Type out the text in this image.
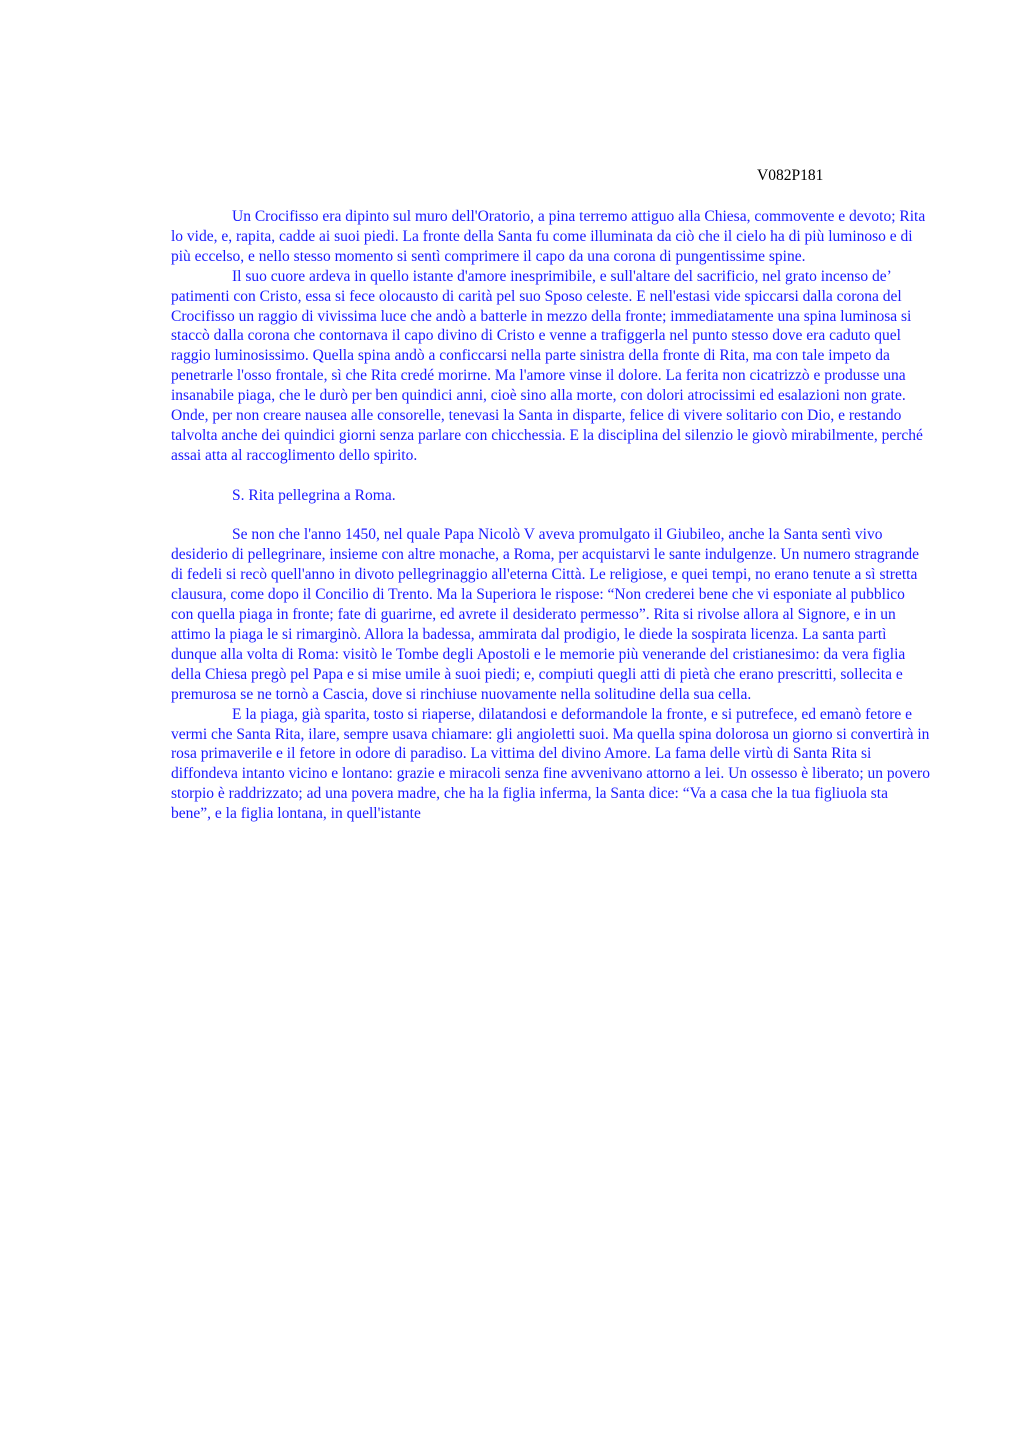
V082P181

Un Crocifisso era dipinto sul muro dell'Oratorio, a pina terremo attiguo alla Chiesa, commovente e devoto; Rita lo vide, e, rapita, cadde ai suoi piedi. La fronte della Santa fu come illuminata da ciò che il cielo ha di più luminoso e di più eccelso, e nello stesso momento si sentì comprimere il capo da una corona di pungentissime spine.

Il suo cuore ardeva in quello istante d'amore inesprimibile, e sull'altare del sacrificio, nel grato incenso de’ patimenti con Cristo, essa si fece olocausto di carità pel suo Sposo celeste. E nell'estasi vide spiccarsi dalla corona del Crocifisso un raggio di vivissima luce che andò a batterle in mezzo della fronte; immediatamente una spina luminosa si staccò dalla corona che contornava il capo divino di Cristo e venne a trafiggerla nel punto stesso dove era caduto quel raggio luminosissimo. Quella spina andò a conficcarsi nella parte sinistra della fronte di Rita, ma con tale impeto da penetrarle l'osso frontale, sì che Rita credé morirne. Ma l'amore vinse il dolore. La ferita non cicatrizzò e produsse una insanabile piaga, che le durò per ben quindici anni, cioè sino alla morte, con dolori atrocissimi ed esalazioni non grate. Onde, per non creare nausea alle consorelle, tenevasi la Santa in disparte, felice di vivere solitario con Dio, e restando talvolta anche dei quindici giorni senza parlare con chicchessia. E la disciplina del silenzio le giovò mirabilmente, perché assai atta al raccoglimento dello spirito.

S. Rita pellegrina a Roma.

Se non che l'anno 1450, nel quale Papa Nicolò V aveva promulgato il Giubileo, anche la Santa sentì vivo desiderio di pellegrinare, insieme con altre monache, a Roma, per acquistarvi le sante indulgenze. Un numero stragrande di fedeli si recò quell'anno in divoto pellegrinaggio all'eterna Città. Le religiose, e quei tempi, no erano tenute a sì stretta clausura, come dopo il Concilio di Trento. Ma la Superiora le rispose: “Non crederei bene che vi esponiate al pubblico con quella piaga in fronte; fate di guarirne, ed avrete il desiderato permesso”. Rita si rivolse allora al Signore, e in un attimo la piaga le si rimarginò. Allora la badessa, ammirata dal prodigio, le diede la sospirata licenza. La santa partì dunque alla volta di Roma: visitò le Tombe degli Apostoli e le memorie più venerande del cristianesimo: da vera figlia della Chiesa pregò pel Papa e si mise umile à suoi piedi; e, compiuti quegli atti di pietà che erano prescritti, sollecita e premurosa se ne tornò a Cascia, dove si rinchiuse nuovamente nella solitudine della sua cella.

E la piaga, già sparita, tosto si riaperse, dilatandosi e deformandole la fronte, e si putrefece, ed emanò fetore e vermi che Santa Rita, ilare, sempre usava chiamare: gli angioletti suoi. Ma quella spina dolorosa un giorno si convertirà in rosa primaverile e il fetore in odore di paradiso. La vittima del divino Amore. La fama delle virtù di Santa Rita si diffondeva intanto vicino e lontano: grazie e miracoli senza fine avvenivano attorno a lei. Un ossesso è liberato; un povero storpio è raddrizzato; ad una povera madre, che ha la figlia inferma, la Santa dice: “Va a casa che la tua figliuola sta bene”, e la figlia lontana, in quell'istante
